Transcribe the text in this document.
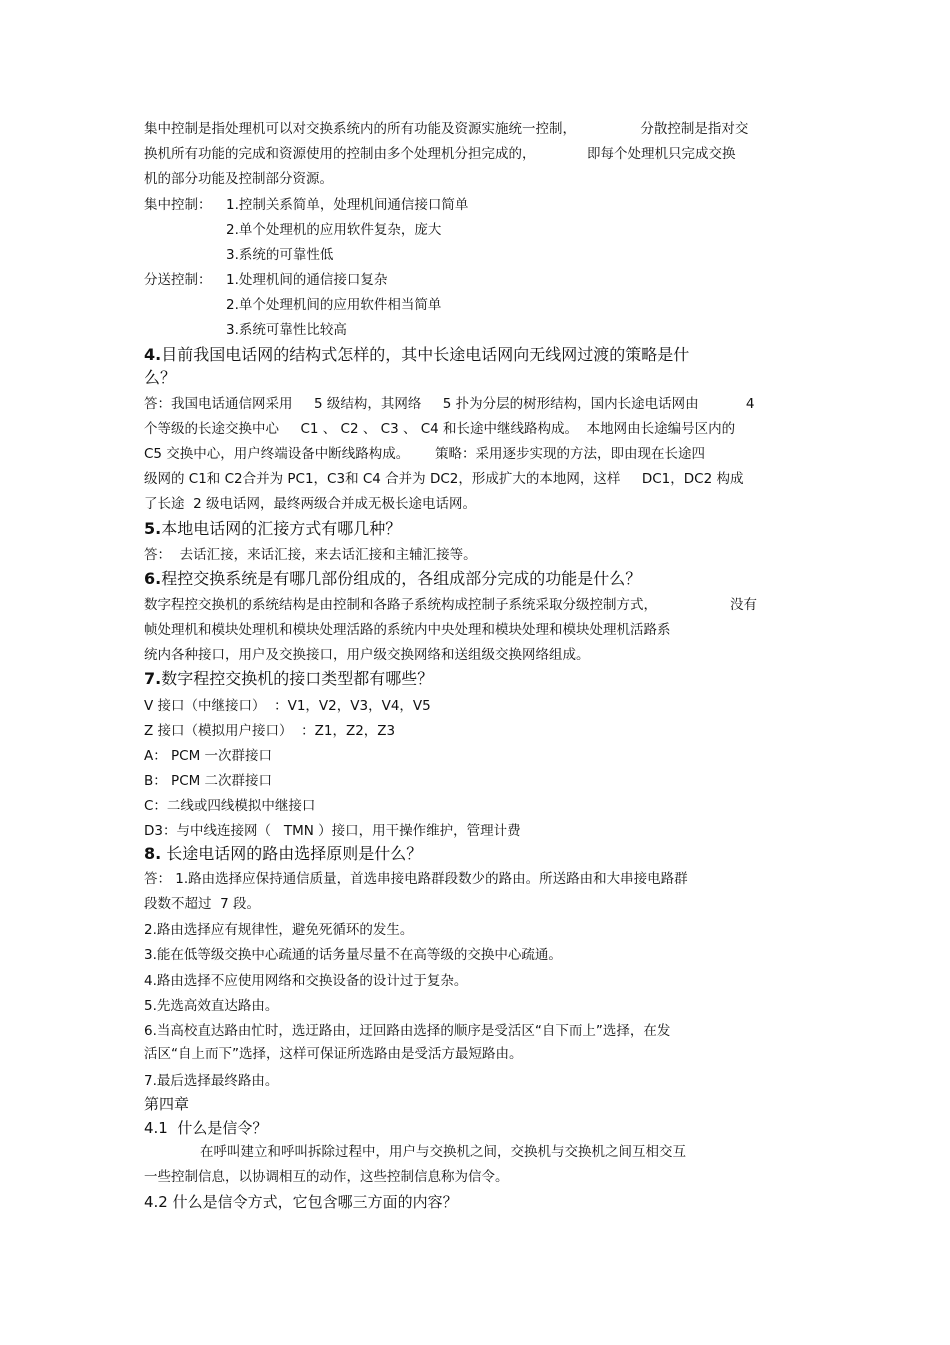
集中控制是指处理机可以对交换系统内的所有功能及资源实施统一控制，               分散控制是指对交
换机所有功能的完成和资源使用的控制由多个处理机分担完成的，            即每个处理机只完成交换
机的部分功能及控制部分资源。
集中控制： 1.控制关系简单，处理机间通信接口简单
2.单个处理机的应用软件复杂，庞大
3.系统的可靠性低
分送控制： 1.处理机间的通信接口复杂
2.单个处理机间的应用软件相当简单
3.系统可靠性比较高
4.目前我国电话网的结构式怎样的，其中长途电话网向无线网过渡的策略是什
么？
答：我国电话通信网采用     5 级结构，其网络     5 扑为分层的树形结构，国内长途电话网由           4
个等级的长途交换中心     C1 、 C2 、 C3 、 C4 和长途中继线路构成。  本地网由长途编号区内的
C5 交换中心，用户终端设备中断线路构成。      策略：采用逐步实现的方法，即由现在长途四
级网的 C1和 C2合并为 PC1，C3和 C4 合并为 DC2，形成扩大的本地网，这样     DC1，DC2 构成
了长途  2 级电话网，最终两级合并成无极长途电话网。
5.本地电话网的汇接方式有哪几种？
答：  去话汇接，来话汇接，来去话汇接和主辅汇接等。
6.程控交换系统是有哪几部份组成的，各组成部分完成的功能是什么？
数字程控交换机的系统结构是由控制和各路子系统构成控制子系统采取分级控制方式，                 没有
帧处理机和模块处理机和模块处理活路的系统内中央处理和模块处理和模块处理机活路系
统内各种接口，用户及交换接口，用户级交换网络和送组级交换网络组成。
7.数字程控交换机的接口类型都有哪些？
V 接口（中继接口）  ：V1，V2，V3，V4，V5
Z 接口（模拟用户接口）  ：Z1，Z2，Z3
A： PCM 一次群接口
B： PCM 二次群接口
C：二线或四线模拟中继接口
D3：与中线连接网（   TMN ）接口，用干操作维护，管理计费
8. 长途电话网的路由选择原则是什么？
答： 1.路由选择应保持通信质量，首选串接电路群段数少的路由。所送路由和大串接电路群
段数不超过  7 段。
2.路由选择应有规律性，避免死循环的发生。
3.能在低等级交换中心疏通的话务量尽量不在高等级的交换中心疏通。
4.路由选择不应使用网络和交换设备的设计过于复杂。
5.先选高效直达路由。
6.当高校直达路由忙时，选迂路由，迂回路由选择的顺序是受活区“自下而上”选择，在发
活区“自上而下”选择，这样可保证所选路由是受活方最短路由。
7.最后选择最终路由。
第四章
4.1  什么是信令？
在呼叫建立和呼叫拆除过程中，用户与交换机之间，交换机与交换机之间互相交互
一些控制信息，以协调相互的动作，这些控制信息称为信令。
4.2 什么是信令方式，它包含哪三方面的内容？
